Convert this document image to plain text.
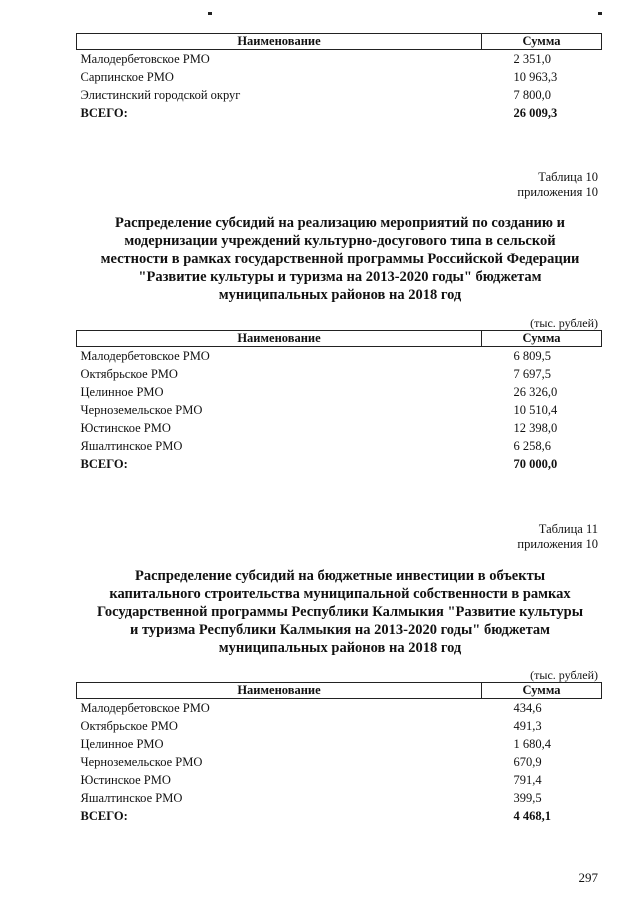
Наименование	Сумма
Малодербетовское РМО	2 351,0
Сарпинское РМО	10 963,3
Элистинский городской округ	7 800,0
ВСЕГО:	26 009,3
Таблица 10
приложения 10
Распределение субсидий на реализацию мероприятий по созданию и
модернизации учреждений культурно-досугового типа в сельской
местности в рамках государственной программы Российской Федерации
"Развитие культуры и туризма на 2013-2020 годы" бюджетам
муниципальных районов на 2018 год
(тыс. рублей)
Наименование	Сумма
Малодербетовское РМО	6 809,5
Октябрьское РМО	7 697,5
Целинное РМО	26 326,0
Черноземельское РМО	10 510,4
Юстинское РМО	12 398,0
Яшалтинское РМО	6 258,6
ВСЕГО:	70 000,0
Таблица 11
приложения 10
Распределение субсидий на бюджетные инвестиции в объекты
капитального строительства муниципальной собственности в рамках
Государственной программы Республики Калмыкия "Развитие культуры
и туризма Республики Калмыкия на 2013-2020 годы" бюджетам
муниципальных районов на 2018 год
(тыс. рублей)
Наименование	Сумма
Малодербетовское РМО	434,6
Октябрьское РМО	491,3
Целинное РМО	1 680,4
Черноземельское РМО	670,9
Юстинское РМО	791,4
Яшалтинское РМО	399,5
ВСЕГО:	4 468,1
297
